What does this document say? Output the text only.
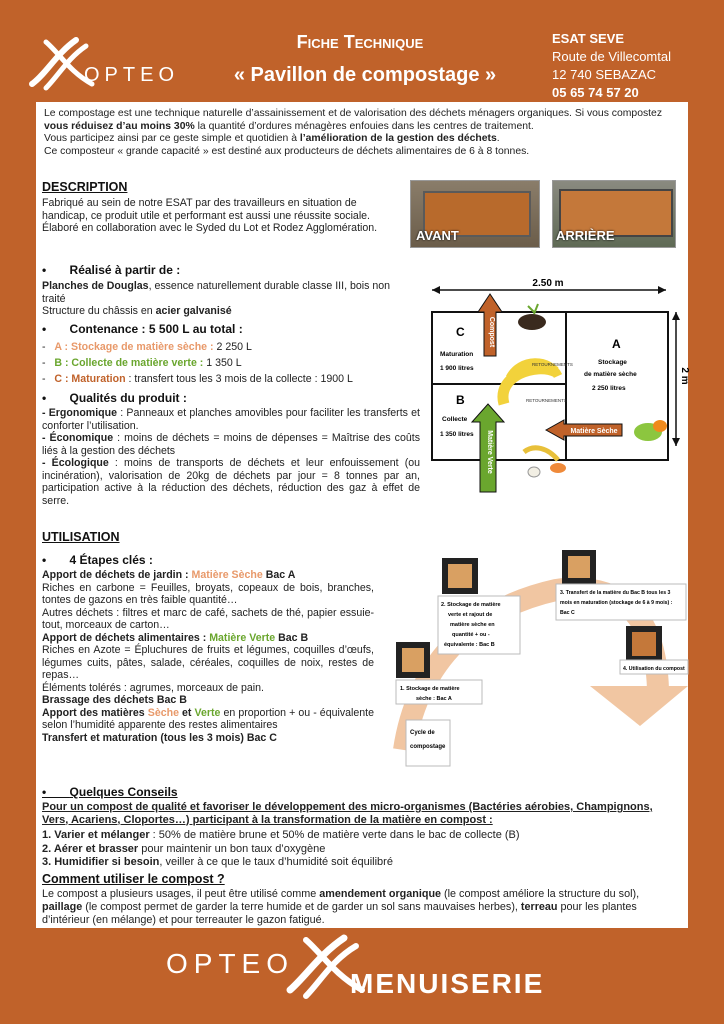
OPTEO
Fiche Technique
« Pavillon de compostage »
ESAT SEVE
Route de Villecomtal
12 740 SEBAZAC
05 65 74 57 20
Le compostage est une technique naturelle d’assainissement et de valorisation des déchets ménagers organiques. Si vous compostez vous réduisez d’au moins 30% la quantité d’ordures ménagères enfouies dans les centres de traitement.
Vous participez ainsi par ce geste simple et quotidien à l’amélioration de la gestion des déchets.
Ce composteur « grande capacité » est destiné aux producteurs de déchets alimentaires de 6 à 8 tonnes.
DESCRIPTION
Fabriqué au sein de notre ESAT par des travailleurs en situation de handicap, ce produit utile et performant est aussi une réussite sociale. Élaboré en collaboration avec le Syded du Lot et Rodez Agglomération.	AVANT	ARRIÈRE
•       Réalisé à partir de :
Planches de Douglas, essence naturellement durable classe III, bois non traité
Structure du châssis en acier galvanisé
•       Contenance : 5 500 L au total :
-   A : Stockage de matière sèche : 2 250 L
-   B : Collecte de matière verte : 1 350 L
-   C : Maturation : transfert tous les 3 mois de la collecte : 1900 L
•       Qualités du produit :
- Ergonomique : Panneaux et planches amovibles pour faciliter les transferts et conforter l’utilisation.
- Économique : moins de déchets = moins de dépenses = Maîtrise des coûts liés à la gestion des déchets
- Écologique : moins de transports de déchets et leur enfouissement (ou incinération), valorisation de 20kg de déchets par jour = 8 tonnes par an, participation active à la réduction des déchets, réduction des gaz à effet de serre.
2.50 m
2 m
C
Maturation
1 900 litres
B
Collecte
1 350 litres
A
Stockage
de matière sèche
2 250 litres
Compost
Matière Verte	Matière Sèche
RETOURNEMENTS
RETOURNEMENTS
UTILISATION
•       4 Étapes clés :
Apport de déchets de jardin : Matière Sèche Bac A
Riches en carbone = Feuilles, broyats, copeaux de bois, branches, tontes de gazons en très faible quantité…
Autres déchets : filtres et marc de café, sachets de thé, papier essuie-tout, morceaux de carton…
Apport de déchets alimentaires : Matière Verte Bac B
Riches en Azote = Épluchures de fruits et légumes, coquilles d’œufs, légumes cuits, pâtes, salade, céréales, coquilles de noix, restes de repas…
Éléments tolérés : agrumes, morceaux de pain.
Brassage des déchets Bac B
Apport des matières Sèche et Verte en proportion + ou - équivalente selon l’humidité apparente des restes alimentaires
Transfert et maturation (tous les 3 mois) Bac C	Cycle de
compostage
1. Stockage de matière
sèche : Bac A
2. Stockage de matière
verte et rajout de
matière sèche en
quantité + ou -
équivalente : Bac B
3. Transfert de la matière du Bac B tous les 3
mois en maturation (stockage de 6 à 9 mois) :
Bac C
4. Utilisation du compost
•       Quelques Conseils
Pour un compost de qualité et favoriser le développement des micro-organismes (Bactéries aérobies, Champignons, Vers, Acariens, Cloportes…) participant à la transformation de la matière en compost :
1. Varier et mélanger : 50% de matière brune et 50% de matière verte dans le bac de collecte (B)
2. Aérer et brasser pour maintenir un bon taux d’oxygène
3. Humidifier si besoin, veiller à ce que le taux d’humidité soit équilibré
Comment utiliser le compost ?
Le compost a plusieurs usages, il peut être utilisé comme amendement organique (le compost améliore la structure du sol), paillage (le compost permet de garder la terre humide et de garder un sol sans mauvaises herbes), terreau pour les plantes d’intérieur (en mélange) et pour terreauter le gazon fatigué.
OPTEO
MENUISERIE
